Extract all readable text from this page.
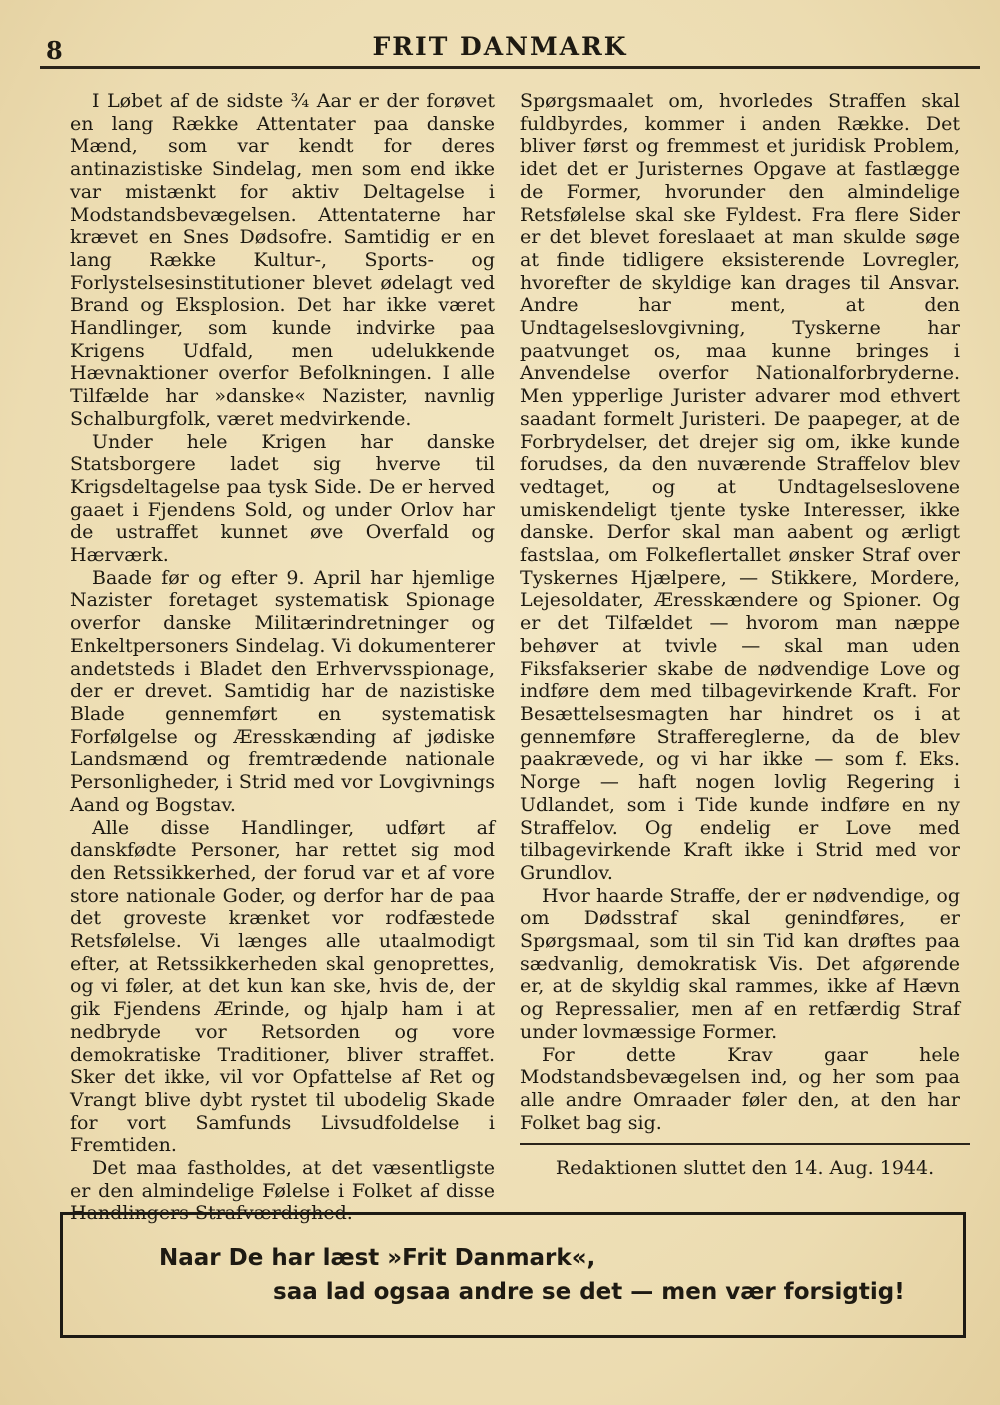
8	FRIT DANMARK

I Løbet af de sidste ¾ Aar er der forøvet en lang Række Attentater paa danske Mænd, som var kendt for deres antinazistiske Sindelag, men som end ikke var mistænkt for aktiv Deltagelse i Modstandsbevægelsen. Attentaterne har krævet en Snes Dødsofre. Samtidig er en lang Række Kultur-, Sports- og Forlystelsesinstitutioner blevet ødelagt ved Brand og Eksplosion. Det har ikke været Handlinger, som kunde indvirke paa Krigens Udfald, men udelukkende Hævnaktioner overfor Befolkningen. I alle Tilfælde har »danske« Nazister, navnlig Schalburgfolk, været medvirkende.

Under hele Krigen har danske Statsborgere ladet sig hverve til Krigsdeltagelse paa tysk Side. De er herved gaaet i Fjendens Sold, og under Orlov har de ustraffet kunnet øve Overfald og Hærværk.

Baade før og efter 9. April har hjemlige Nazister foretaget systematisk Spionage overfor danske Militærindretninger og Enkeltpersoners Sindelag. Vi dokumenterer andetsteds i Bladet den Erhvervsspionage, der er drevet. Samtidig har de nazistiske Blade gennemført en systematisk Forfølgelse og Æresskænding af jødiske Landsmænd og fremtrædende nationale Personligheder, i Strid med vor Lovgivnings Aand og Bogstav.

Alle disse Handlinger, udført af danskfødte Personer, har rettet sig mod den Retssikkerhed, der forud var et af vore store nationale Goder, og derfor har de paa det groveste krænket vor rodfæstede Retsfølelse. Vi længes alle utaalmodigt efter, at Retssikkerheden skal genoprettes, og vi føler, at det kun kan ske, hvis de, der gik Fjendens Ærinde, og hjalp ham i at nedbryde vor Retsorden og vore demokratiske Traditioner, bliver straffet. Sker det ikke, vil vor Opfattelse af Ret og Vrangt blive dybt rystet til ubodelig Skade for vort Samfunds Livsudfoldelse i Fremtiden.

Det maa fastholdes, at det væsentligste er den almindelige Følelse i Folket af disse Handlingers Strafværdighed.

Spørgsmaalet om, hvorledes Straffen skal fuldbyrdes, kommer i anden Række. Det bliver først og fremmest et juridisk Problem, idet det er Juristernes Opgave at fastlægge de Former, hvorunder den almindelige Retsfølelse skal ske Fyldest. Fra flere Sider er det blevet foreslaaet at man skulde søge at finde tidligere eksisterende Lovregler, hvorefter de skyldige kan drages til Ansvar. Andre har ment, at den Undtagelseslovgivning, Tyskerne har paatvunget os, maa kunne bringes i Anvendelse overfor Nationalforbryderne. Men ypperlige Jurister advarer mod ethvert saadant formelt Juristeri. De paapeger, at de Forbrydelser, det drejer sig om, ikke kunde forudses, da den nuværende Straffelov blev vedtaget, og at Undtagelseslovene umiskendeligt tjente tyske Interesser, ikke danske. Derfor skal man aabent og ærligt fastslaa, om Folkeflertallet ønsker Straf over Tyskernes Hjælpere, — Stikkere, Mordere, Lejesoldater, Æresskændere og Spioner. Og er det Tilfældet — hvorom man næppe behøver at tvivle — skal man uden Fiksfakserier skabe de nødvendige Love og indføre dem med tilbagevirkende Kraft. For Besættelsesmagten har hindret os i at gennemføre Straffereglerne, da de blev paakrævede, og vi har ikke — som f. Eks. Norge — haft nogen lovlig Regering i Udlandet, som i Tide kunde indføre en ny Straffelov. Og endelig er Love med tilbagevirkende Kraft ikke i Strid med vor Grundlov.

Hvor haarde Straffe, der er nødvendige, og om Dødsstraf skal genindføres, er Spørgsmaal, som til sin Tid kan drøftes paa sædvanlig, demokratisk Vis. Det afgørende er, at de skyldig skal rammes, ikke af Hævn og Repressalier, men af en retfærdig Straf under lovmæssige Former.

For dette Krav gaar hele Modstandsbevægelsen ind, og her som paa alle andre Omraader føler den, at den har Folket bag sig.

Redaktionen sluttet den 14. Aug. 1944.
Naar De har læst »Frit Danmark«,
saa lad ogsaa andre se det — men vær forsigtig!
